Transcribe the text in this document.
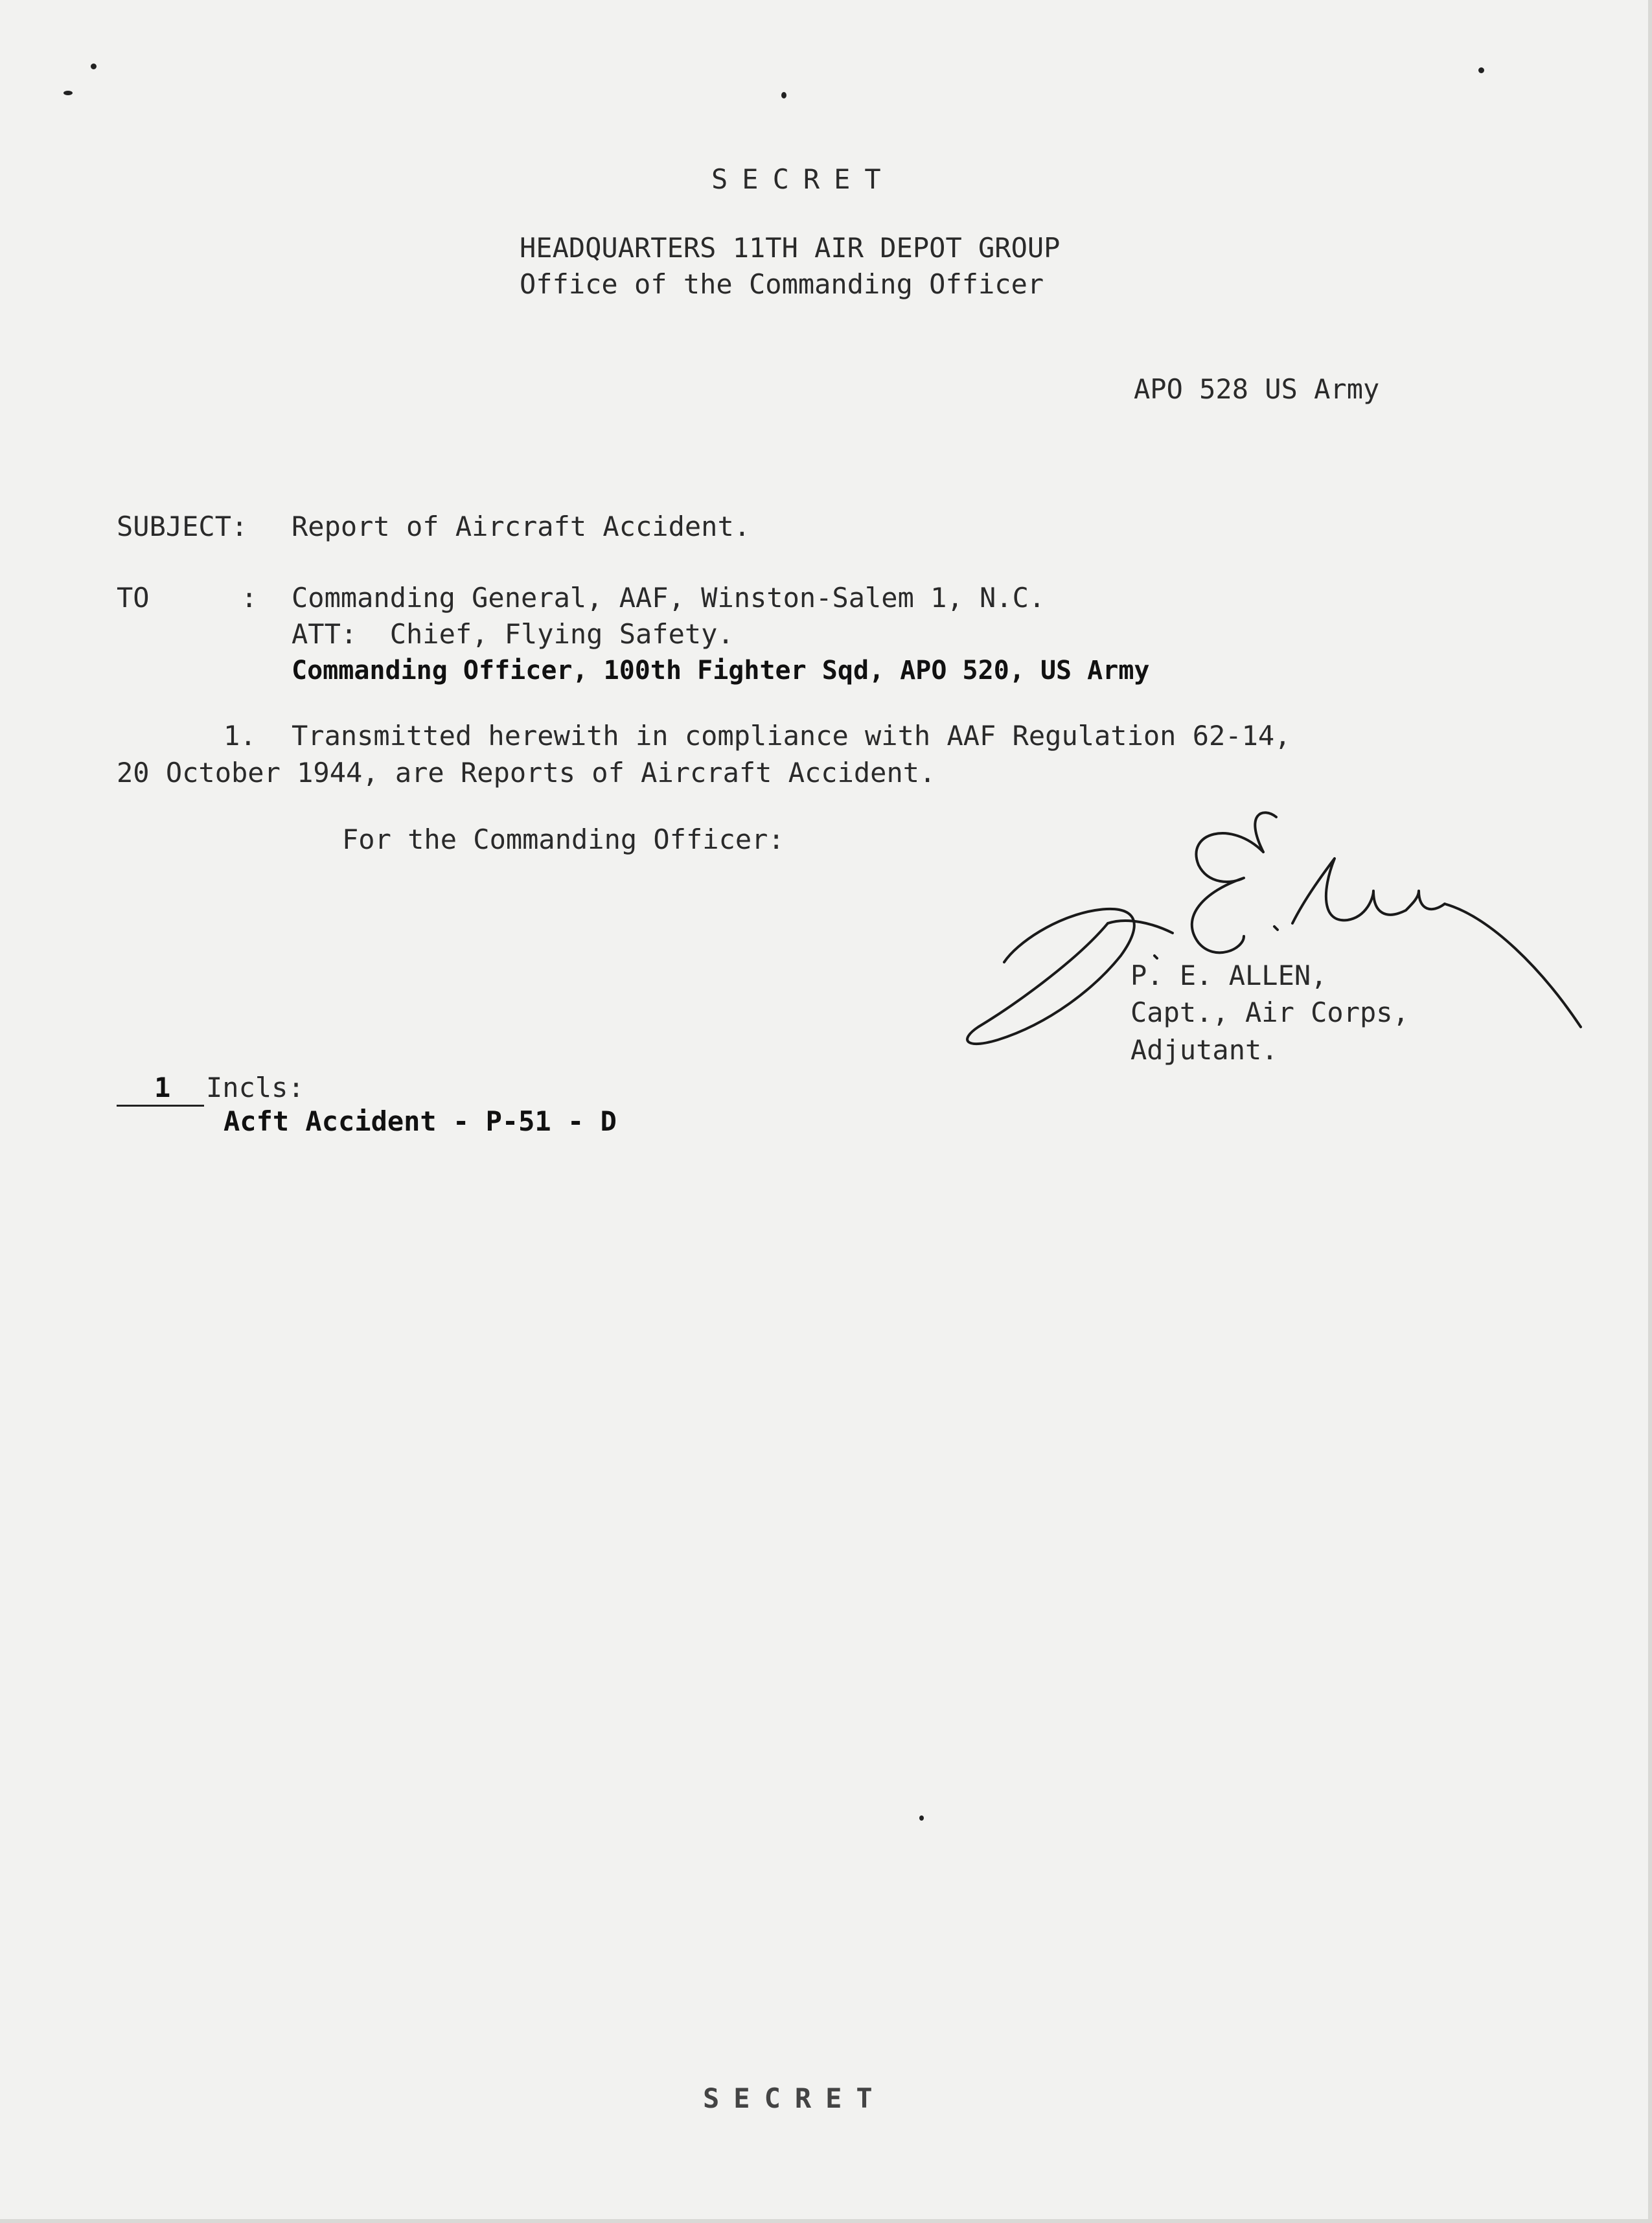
SECRET
HEADQUARTERS 11TH AIR DEPOT GROUP
Office of the Commanding Officer
APO 528 US Army
SUBJECT: Report of Aircraft Accident.
TO	: Commanding General, AAF, Winston-Salem 1, N.C.
ATT:  Chief, Flying Safety.
Commanding Officer, 100th Fighter Sqd, APO 520, US Army
1. Transmitted herewith in compliance with AAF Regulation 62-14,
20 October 1944, are Reports of Aircraft Accident.
For the Commanding Officer:
P. E. ALLEN,
Capt., Air Corps,
Adjutant.
1 Incls:
Acft Accident - P-51 - D
SECRET
